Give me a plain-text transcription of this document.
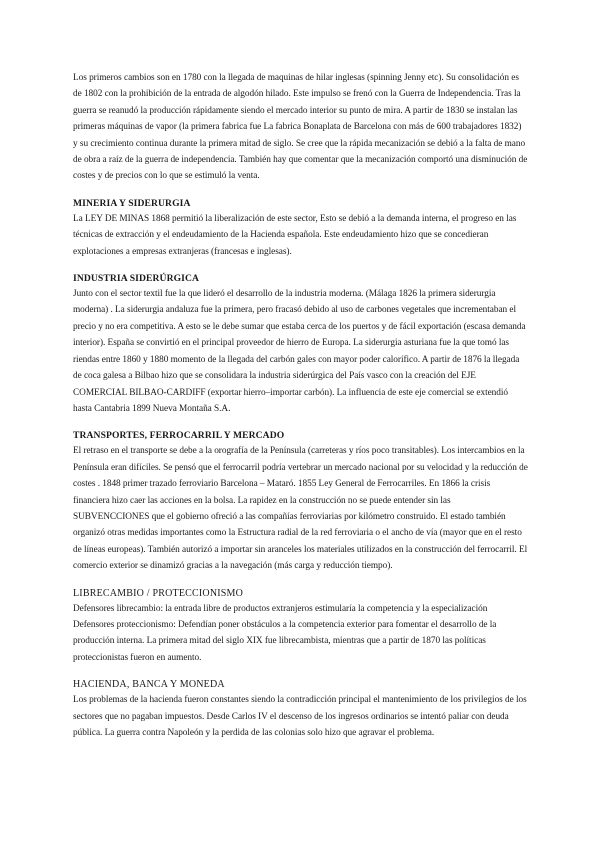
Los primeros cambios son en 1780 con la llegada de maquinas de hilar inglesas (spinning Jenny etc). Su consolidación es de 1802 con la prohibición de la entrada de algodón hilado. Este impulso se frenó con la Guerra de Independencia. Tras la guerra se reanudó la producción rápidamente siendo el mercado interior su punto de mira. A partir de 1830 se instalan las primeras máquinas de vapor (la primera fabrica fue La fabrica Bonaplata de Barcelona con más de 600 trabajadores 1832) y su crecimiento continua durante la primera mitad de siglo. Se cree que la rápida mecanización se debió a la falta de mano de obra a raíz de la guerra de independencia. También hay que comentar que la mecanización comportó una disminución de costes y de precios con lo que se estimuló la venta.

MINERIA Y SIDERURGIA

La LEY DE MINAS 1868 permitió la liberalización de este sector, Esto se debió a la demanda interna, el progreso en las técnicas de extracción y el endeudamiento de la Hacienda española. Este endeudamiento hizo que se concedieran explotaciones a empresas extranjeras (francesas e inglesas).

INDUSTRIA SIDERÚRGICA

Junto con el sector textil fue la que lideró el desarrollo de la industria moderna. (Málaga 1826 la primera siderurgia moderna) . La siderurgia andaluza fue la primera, pero fracasó debido al uso de carbones vegetales que incrementaban el precio y no era competitiva. A esto se le debe sumar que estaba cerca de los puertos y de fácil exportación (escasa demanda interior). España se convirtió en el principal proveedor de hierro de Europa. La siderurgia asturiana fue la que tomó las riendas entre 1860 y 1880 momento de la llegada del carbón gales con mayor poder calorífico. A partir de 1876 la llegada de coca galesa a Bilbao hizo que se consolidara la industria siderúrgica del País vasco con la creación del EJE COMERCIAL BILBAO-CARDIFF (exportar hierro–importar carbón). La influencia de este eje comercial se extendió hasta Cantabria 1899 Nueva Montaña S.A.

TRANSPORTES, FERROCARRIL Y MERCADO

El retraso en el transporte se debe a la orografía de la Península (carreteras y ríos poco transitables). Los intercambios en la Península eran difíciles. Se pensó que el ferrocarril podría vertebrar un mercado nacional por su velocidad y la reducción de costes . 1848 primer trazado ferroviario Barcelona – Mataró. 1855 Ley General de Ferrocarriles. En 1866 la crisis financiera hizo caer las acciones en la bolsa. La rapidez en la construcción no se puede entender sin las SUBVENCCIONES que el gobierno ofreció a las compañías ferroviarias por kilómetro construido. El estado también organizó otras medidas importantes como la Estructura radial de la red ferroviaria o el ancho de vía (mayor que en el resto de líneas europeas). También autorizó a importar sin aranceles los materiales utilizados en la construcción del ferrocarril. El comercio exterior se dinamizó gracias a la navegación (más carga y reducción tiempo).

LIBRECAMBIO / PROTECCIONISMO

Defensores librecambio: la entrada libre de productos extranjeros estimularía la competencia y la especialización Defensores proteccionismo: Defendían poner obstáculos a la competencia exterior para fomentar el desarrollo de la producción interna. La primera mitad del siglo XIX fue librecambista, mientras que a partir de 1870 las políticas proteccionistas fueron en aumento.

HACIENDA, BANCA Y MONEDA

Los problemas de la hacienda fueron constantes siendo la contradicción principal el mantenimiento de los privilegios de los sectores que no pagaban impuestos. Desde Carlos IV el descenso de los ingresos ordinarios se intentó paliar con deuda pública. La guerra contra Napoleón y la perdida de las colonias solo hizo que agravar el problema.
